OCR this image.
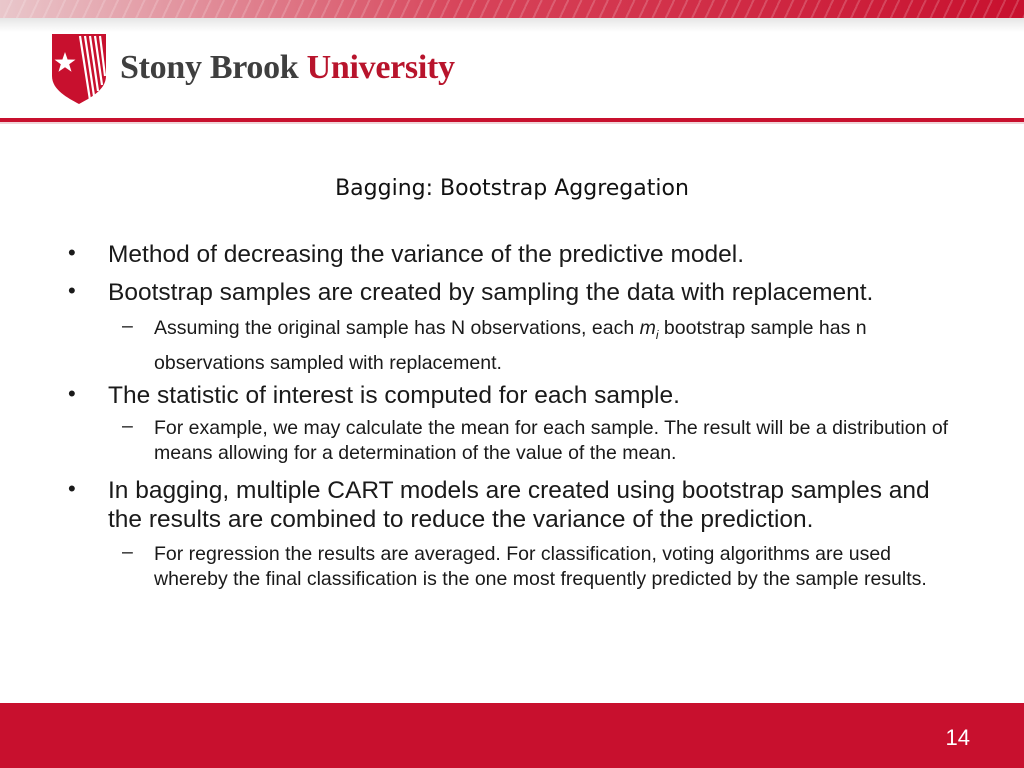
Stony Brook University
Bagging: Bootstrap Aggregation

• Method of decreasing the variance of the predictive model.

• Bootstrap samples are created by sampling the data with replacement.

– Assuming the original sample has N observations, each $m_i$ bootstrap sample has n observations sampled with replacement.

• The statistic of interest is computed for each sample.

– For example, we may calculate the mean for each sample. The result will be a distribution of means allowing for a determination of the value of the mean.

• In bagging, multiple CART models are created using bootstrap samples and the results are combined to reduce the variance of the prediction.

– For regression the results are averaged. For classification, voting algorithms are used whereby the final classification is the one most frequently predicted by the sample results.

14
